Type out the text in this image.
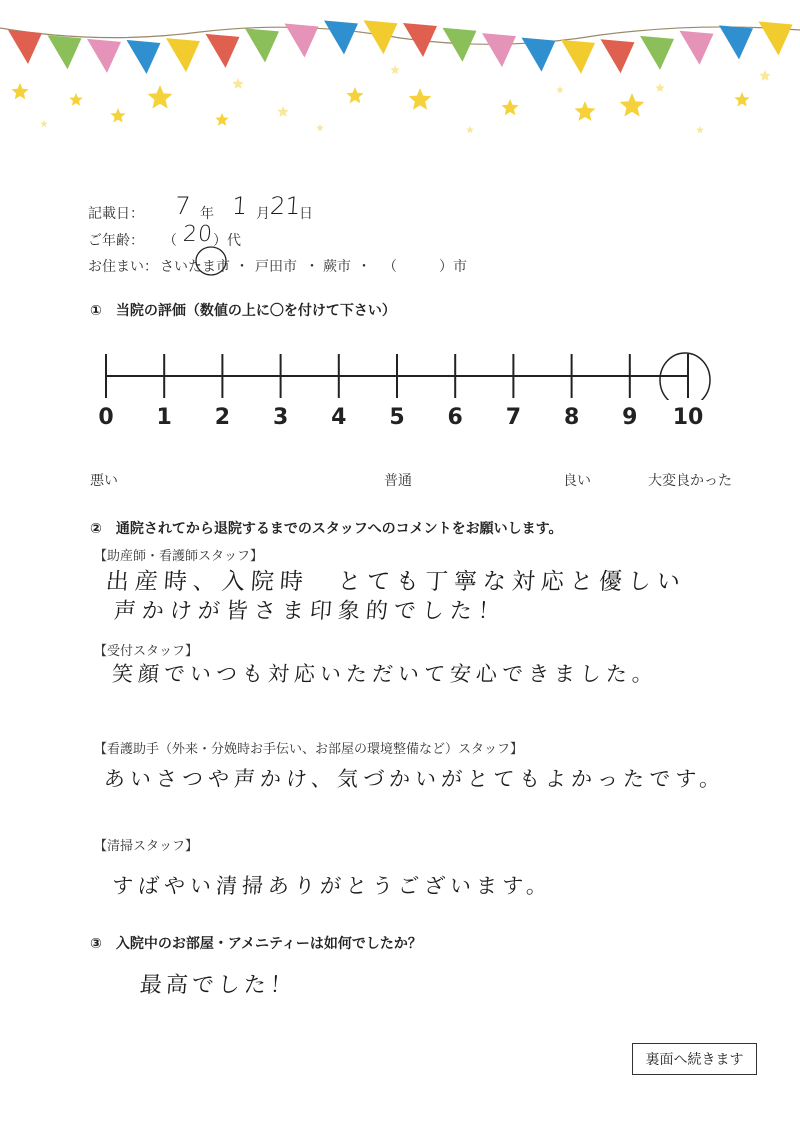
記載日： 7 年 1 月 21
日
ご年齢： （ 20 ）代
お住まい： さいたま市 ・ 戸田市 ・ 蕨市 ・ （　　　）市
①　当院の評価（数値の上に〇を付けて下さい）
0 1 2 3 4 5 6 7 8 9 10
悪い	普通	良い	大変良かった
②　通院されてから退院するまでのスタッフへのコメントをお願いします。
【助産師・看護師スタッフ】
出産時、入院時　とても丁寧な対応と優しい
声かけが皆さま印象的でした！
【受付スタッフ】
笑顔でいつも対応いただいて安心できました。
【看護助手（外来・分娩時お手伝い、お部屋の環境整備など）スタッフ】
あいさつや声かけ、気づかいがとてもよかったです。
【清掃スタッフ】
すばやい清掃ありがとうございます。
③　入院中のお部屋・アメニティーは如何でしたか？
最高でした！
裏面へ続きます
